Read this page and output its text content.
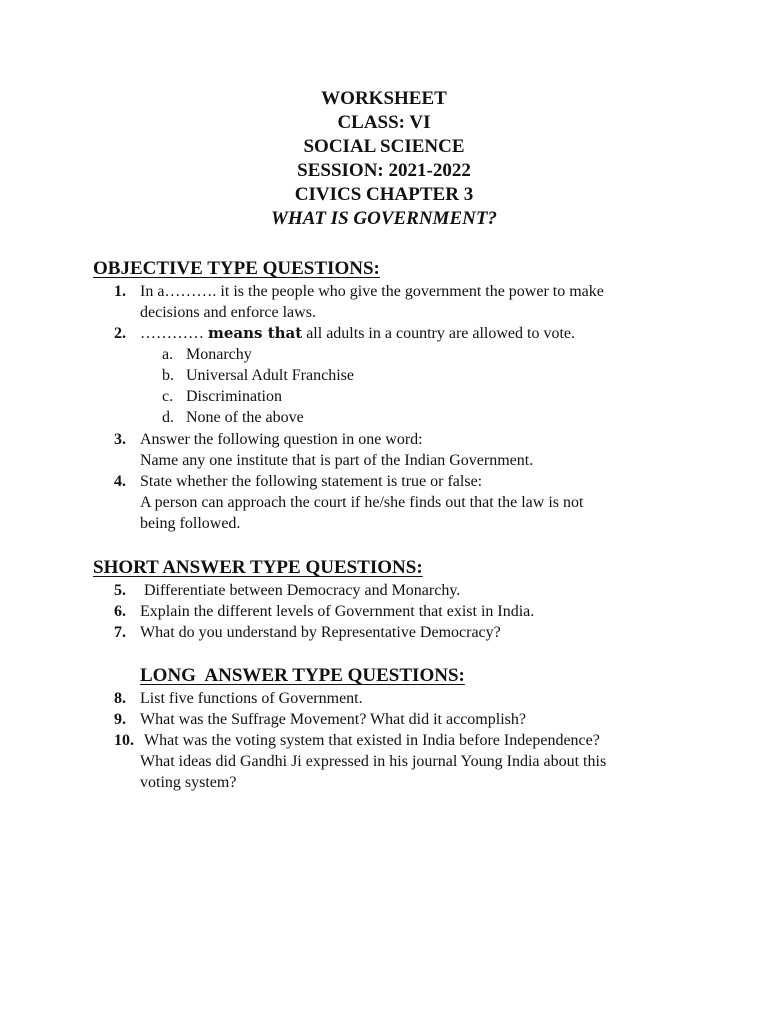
WORKSHEET
CLASS: VI
SOCIAL SCIENCE
SESSION: 2021-2022
CIVICS CHAPTER 3
WHAT IS GOVERNMENT?
OBJECTIVE TYPE QUESTIONS:
1. In a………. it is the people who give the government the power to make
decisions and enforce laws.
2. ………… means that all adults in a country are allowed to vote.
a. Monarchy
b. Universal Adult Franchise
c. Discrimination
d. None of the above
3. Answer the following question in one word:
Name any one institute that is part of the Indian Government.
4. State whether the following statement is true or false:
A person can approach the court if he/she finds out that the law is not
being followed.
SHORT ANSWER TYPE QUESTIONS:
5. Differentiate between Democracy and Monarchy.
6. Explain the different levels of Government that exist in India.
7. What do you understand by Representative Democracy?
LONG  ANSWER TYPE QUESTIONS:
8. List five functions of Government.
9. What was the Suffrage Movement? What did it accomplish?
10. What was the voting system that existed in India before Independence?
What ideas did Gandhi Ji expressed in his journal Young India about this
voting system?
